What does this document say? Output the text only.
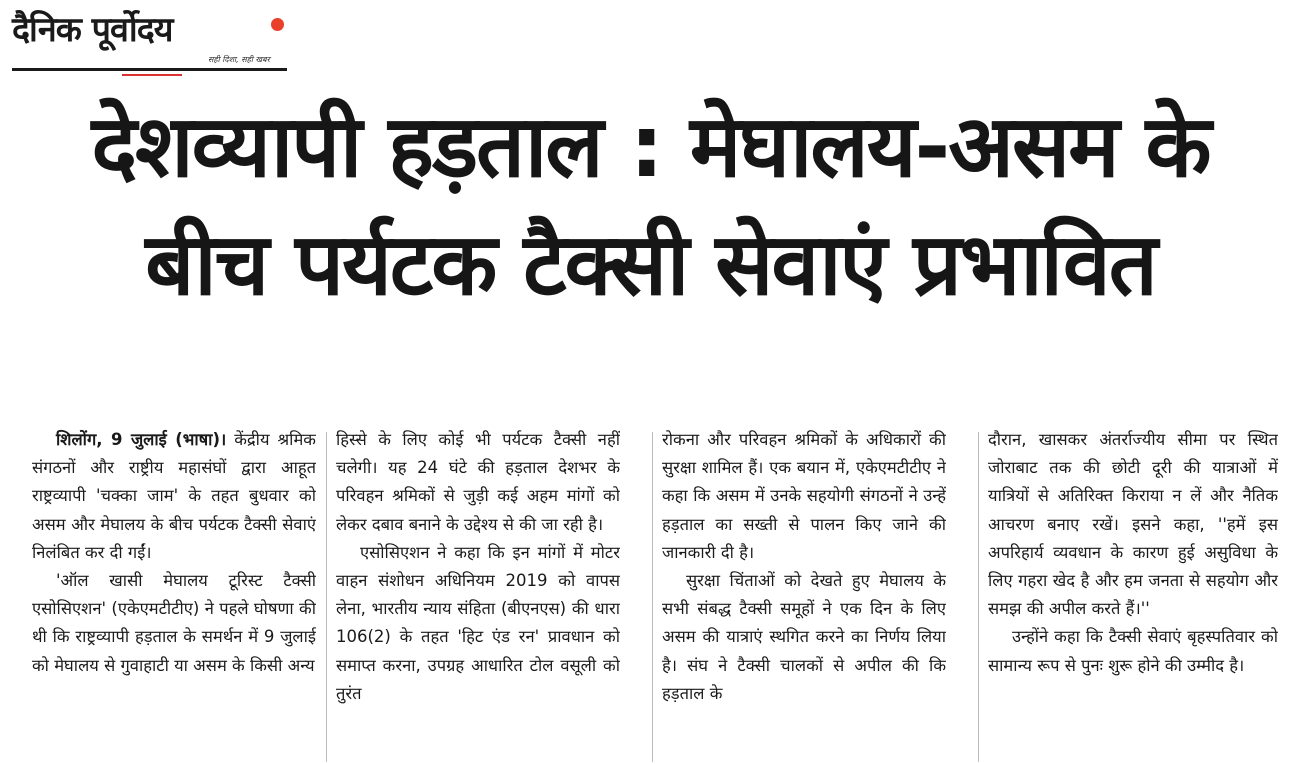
दैनिक पूर्वोदय
सही दिशा, सही खबर
देशव्यापी हड़ताल : मेघालय-असम के
बीच पर्यटक टैक्सी सेवाएं प्रभावित

शिलोंग, 9 जुलाई (भाषा)। केंद्रीय श्रमिक संगठनों और राष्ट्रीय महासंघों द्वारा आहूत राष्ट्रव्यापी 'चक्का जाम' के तहत बुधवार को असम और मेघालय के बीच पर्यटक टैक्सी सेवाएं निलंबित कर दी गईं।

'ऑल खासी मेघालय टूरिस्ट टैक्सी एसोसिएशन' (एकेएमटीटीए) ने पहले घोषणा की थी कि राष्ट्रव्यापी हड़ताल के समर्थन में 9 जुलाई को मेघालय से गुवाहाटी या असम के किसी अन्य

हिस्से के लिए कोई भी पर्यटक टैक्सी नहीं चलेगी। यह 24 घंटे की हड़ताल देशभर के परिवहन श्रमिकों से जुड़ी कई अहम मांगों को लेकर दबाव बनाने के उद्देश्य से की जा रही है।

एसोसिएशन ने कहा कि इन मांगों में मोटर वाहन संशोधन अधिनियम 2019 को वापस लेना, भारतीय न्याय संहिता (बीएनएस) की धारा 106(2) के तहत 'हिट एंड रन' प्रावधान को समाप्त करना, उपग्रह आधारित टोल वसूली को तुरंत

रोकना और परिवहन श्रमिकों के अधिकारों की सुरक्षा शामिल हैं। एक बयान में, एकेएमटीटीए ने कहा कि असम में उनके सहयोगी संगठनों ने उन्हें हड़ताल का सख्ती से पालन किए जाने की जानकारी दी है।

सुरक्षा चिंताओं को देखते हुए मेघालय के सभी संबद्ध टैक्सी समूहों ने एक दिन के लिए असम की यात्राएं स्थगित करने का निर्णय लिया है। संघ ने टैक्सी चालकों से अपील की कि हड़ताल के

दौरान, खासकर अंतर्राज्यीय सीमा पर स्थित जोराबाट तक की छोटी दूरी की यात्राओं में यात्रियों से अतिरिक्त किराया न लें और नैतिक आचरण बनाए रखें। इसने कहा, ''हमें इस अपरिहार्य व्यवधान के कारण हुई असुविधा के लिए गहरा खेद है और हम जनता से सहयोग और समझ की अपील करते हैं।''

उन्होंने कहा कि टैक्सी सेवाएं बृहस्पतिवार को सामान्य रूप से पुनः शुरू होने की उम्मीद है।
